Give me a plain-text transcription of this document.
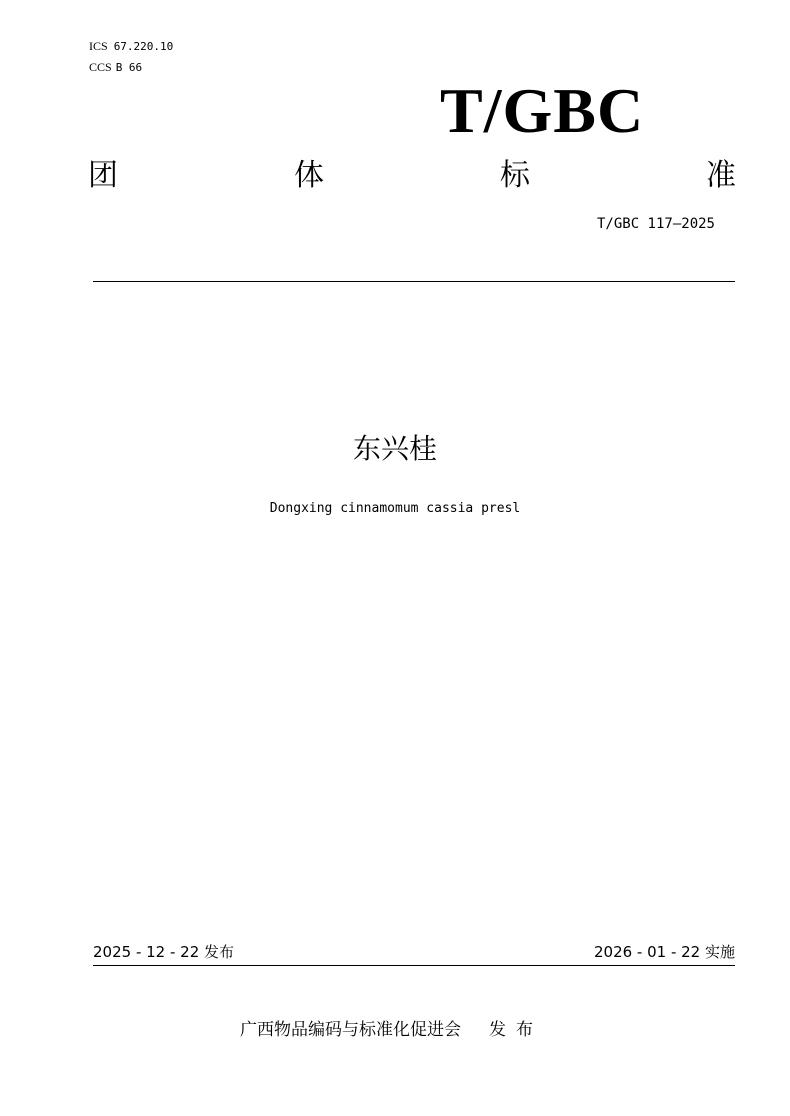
ICS 67.220.10
CCS B 66
T/GBC
团	体	标	准
T/GBC 117—2025
东兴桂
Dongxing cinnamomum cassia presl
2025 - 12 - 22 发布	2026 - 01 - 22 实施
广西物品编码与标准化促进会 发布
